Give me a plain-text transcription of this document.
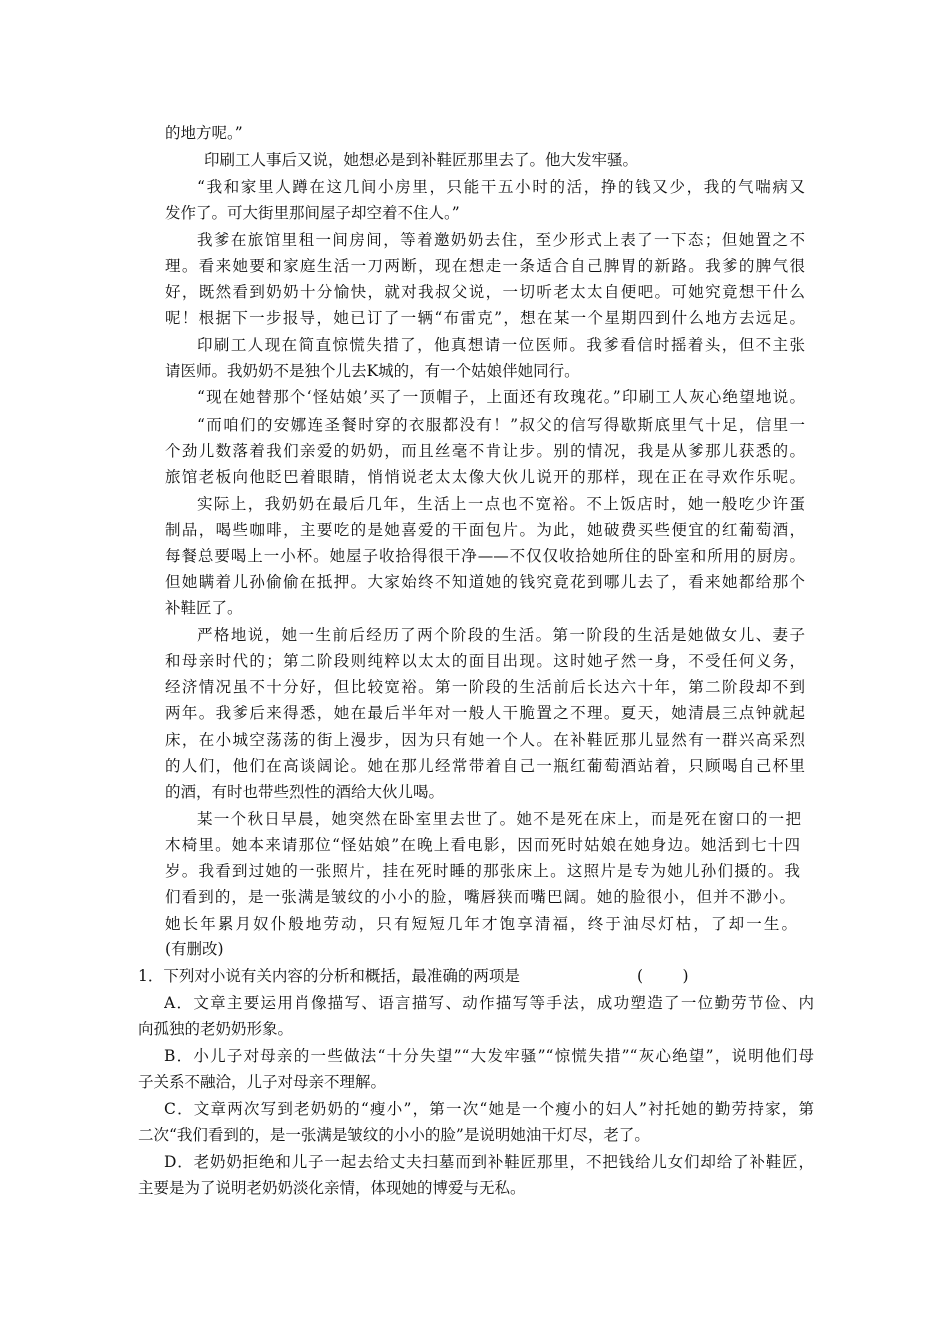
的地方呢。”
印刷工人事后又说，她想必是到补鞋匠那里去了。他大发牢骚。
“我和家里人蹲在这几间小房里，只能干五小时的活，挣的钱又少，我的气喘病又
发作了。可大街里那间屋子却空着不住人。”
我爹在旅馆里租一间房间，等着邀奶奶去住，至少形式上表了一下态；但她置之不
理。看来她要和家庭生活一刀两断，现在想走一条适合自己脾胃的新路。我爹的脾气很
好，既然看到奶奶十分愉快，就对我叔父说，一切听老太太自便吧。可她究竟想干什么
呢！根据下一步报导，她已订了一辆“布雷克”，想在某一个星期四到什么地方去远足。
印刷工人现在简直惊慌失措了，他真想请一位医师。我爹看信时摇着头，但不主张
请医师。我奶奶不是独个儿去K城的，有一个姑娘伴她同行。
“现在她替那个‘怪姑娘’买了一顶帽子，上面还有玫瑰花。”印刷工人灰心绝望地说。
“而咱们的安娜连圣餐时穿的衣服都没有！”叔父的信写得歇斯底里气十足，信里一
个劲儿数落着我们亲爱的奶奶，而且丝毫不肯让步。别的情况，我是从爹那儿获悉的。
旅馆老板向他眨巴着眼睛，悄悄说老太太像大伙儿说开的那样，现在正在寻欢作乐呢。
实际上，我奶奶在最后几年，生活上一点也不宽裕。不上饭店时，她一般吃少许蛋
制品，喝些咖啡，主要吃的是她喜爱的干面包片。为此，她破费买些便宜的红葡萄酒，
每餐总要喝上一小杯。她屋子收拾得很干净——不仅仅收拾她所住的卧室和所用的厨房。
但她瞒着儿孙偷偷在抵押。大家始终不知道她的钱究竟花到哪儿去了，看来她都给那个
补鞋匠了。
严格地说，她一生前后经历了两个阶段的生活。第一阶段的生活是她做女儿、妻子
和母亲时代的；第二阶段则纯粹以太太的面目出现。这时她孑然一身，不受任何义务，
经济情况虽不十分好，但比较宽裕。第一阶段的生活前后长达六十年，第二阶段却不到
两年。我爹后来得悉，她在最后半年对一般人干脆置之不理。夏天，她清晨三点钟就起
床，在小城空荡荡的街上漫步，因为只有她一个人。在补鞋匠那儿显然有一群兴高采烈
的人们，他们在高谈阔论。她在那儿经常带着自己一瓶红葡萄酒站着，只顾喝自己杯里
的酒，有时也带些烈性的酒给大伙儿喝。
某一个秋日早晨，她突然在卧室里去世了。她不是死在床上，而是死在窗口的一把
木椅里。她本来请那位“怪姑娘”在晚上看电影，因而死时姑娘在她身边。她活到七十四
岁。我看到过她的一张照片，挂在死时睡的那张床上。这照片是专为她儿孙们摄的。我
们看到的，是一张满是皱纹的小小的脸，嘴唇狭而嘴巴阔。她的脸很小，但并不渺小。
她长年累月奴仆般地劳动，只有短短几年才饱享清福，终于油尽灯枯，了却一生。
(有删改)
1．下列对小说有关内容的分析和概括，最准确的两项是	(        )
A．文章主要运用肖像描写、语言描写、动作描写等手法，成功塑造了一位勤劳节俭、内
向孤独的老奶奶形象。
B．小儿子对母亲的一些做法“十分失望”“大发牢骚”“惊慌失措”“灰心绝望”，说明他们母
子关系不融洽，儿子对母亲不理解。
C．文章两次写到老奶奶的“瘦小”，第一次“她是一个瘦小的妇人”衬托她的勤劳持家，第
二次“我们看到的，是一张满是皱纹的小小的脸”是说明她油干灯尽，老了。
D．老奶奶拒绝和儿子一起去给丈夫扫墓而到补鞋匠那里，不把钱给儿女们却给了补鞋匠，
主要是为了说明老奶奶淡化亲情，体现她的博爱与无私。
